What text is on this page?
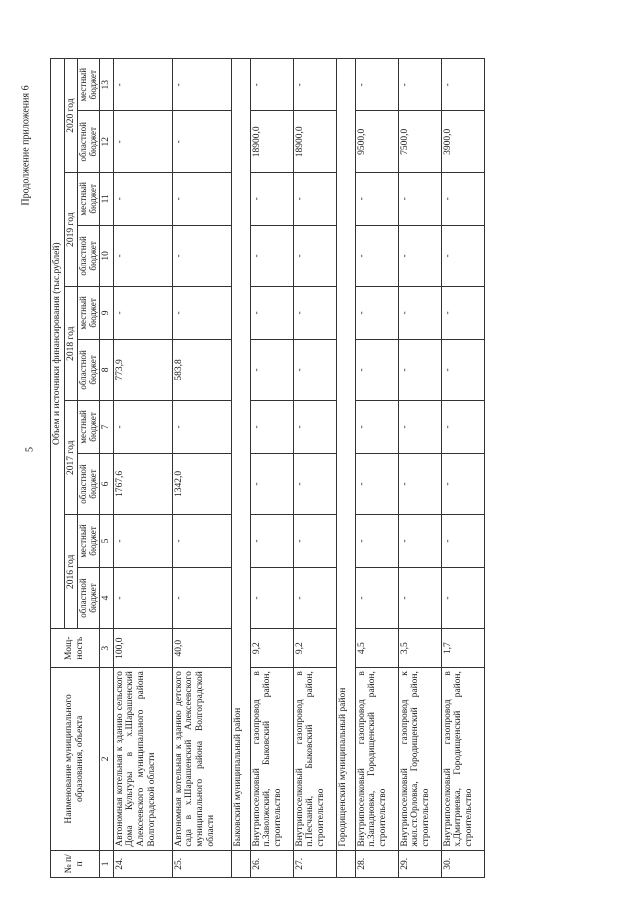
5
Продолжение приложения 6
№ п/п	Наименование муниципального образования, объекта	Мощ-ность	Объем и источники финансирования (тыс.рублей)									
			2016 год		2017 год		2018 год		2019 год		2020 год	
			областной бюджет	местный бюджет	областной бюджет	местный бюджет	областной бюджет	местный бюджет	областной бюджет	местный бюджет	областной бюджет	местный бюджет
1	2	3	4	5	6	7	8	9	10	11	12	13
24.	Автономная котельная к зданию сельского Дома Культуры в х.Шарашенский Алексеевского муниципального района Волгоградской области	100,0	-	-	1767,6	-	773,9	-	-	-	-	-
25.	Автономная котельная к зданию детского сада в х.Шарашенский Алексеевского муниципального района Волгоградской области	40,0	-	-	1342,0	-	583,8	-	-	-	-	-
	Быковский муниципальный район											
26.	Внутрипоселковый газопровод в п.Заволжский, Быковский район, строительство	9,2	-	-	-	-	-	-	-	-	18900,0	-
27.	Внутрипоселковый газопровод в п.Песчаный, Быковский район, строительство	9,2	-	-	-	-	-	-	-	-	18900,0	-
	Городищенский муниципальный район											
28.	Внутрипоселковый газопровод в п.Западновка, Городищенский район, строительство	4,5	-	-	-	-	-	-	-	-	9500,0	-
29.	Внутрипоселковый газопровод к жил.ст.Орловка, Городищенский район, строительство	3,5	-	-	-	-	-	-	-	-	7500,0	-
30.	Внутрипоселковый газопровод в х.Дмитриевка, Городищенский район, строительство	1,7	-	-	-	-	-	-	-	-	3900,0	-
